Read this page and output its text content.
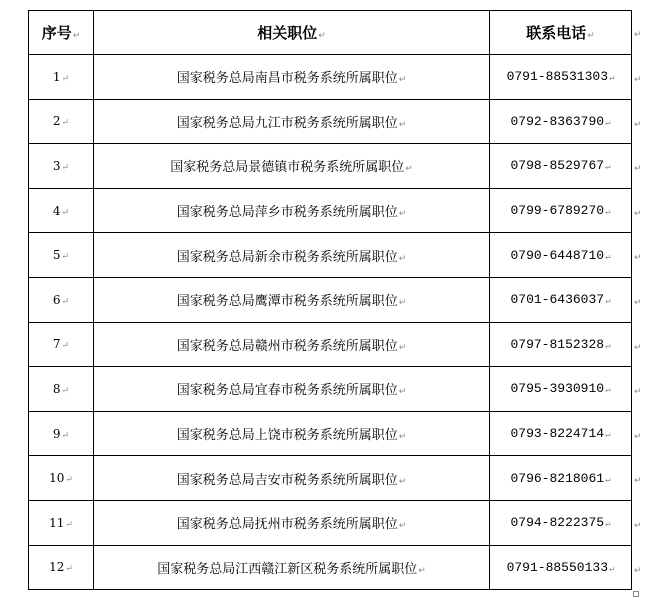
序号↵	相关职位↵	联系电话↵
1↵	国家税务总局南昌市税务系统所属职位↵	0791-88531303↵
2↵	国家税务总局九江市税务系统所属职位↵	0792-8363790↵
3↵	国家税务总局景德镇市税务系统所属职位↵	0798-8529767↵
4↵	国家税务总局萍乡市税务系统所属职位↵	0799-6789270↵
5↵	国家税务总局新余市税务系统所属职位↵	0790-6448710↵
6↵	国家税务总局鹰潭市税务系统所属职位↵	0701-6436037↵
7↵	国家税务总局赣州市税务系统所属职位↵	0797-8152328↵
8↵	国家税务总局宜春市税务系统所属职位↵	0795-3930910↵
9↵	国家税务总局上饶市税务系统所属职位↵	0793-8224714↵
10↵	国家税务总局吉安市税务系统所属职位↵	0796-8218061↵
11↵	国家税务总局抚州市税务系统所属职位↵	0794-8222375↵
12↵	国家税务总局江西赣江新区税务系统所属职位↵	0791-88550133↵
↵
↵
↵
↵
↵
↵
↵
↵
↵
↵
↵
↵
↵
